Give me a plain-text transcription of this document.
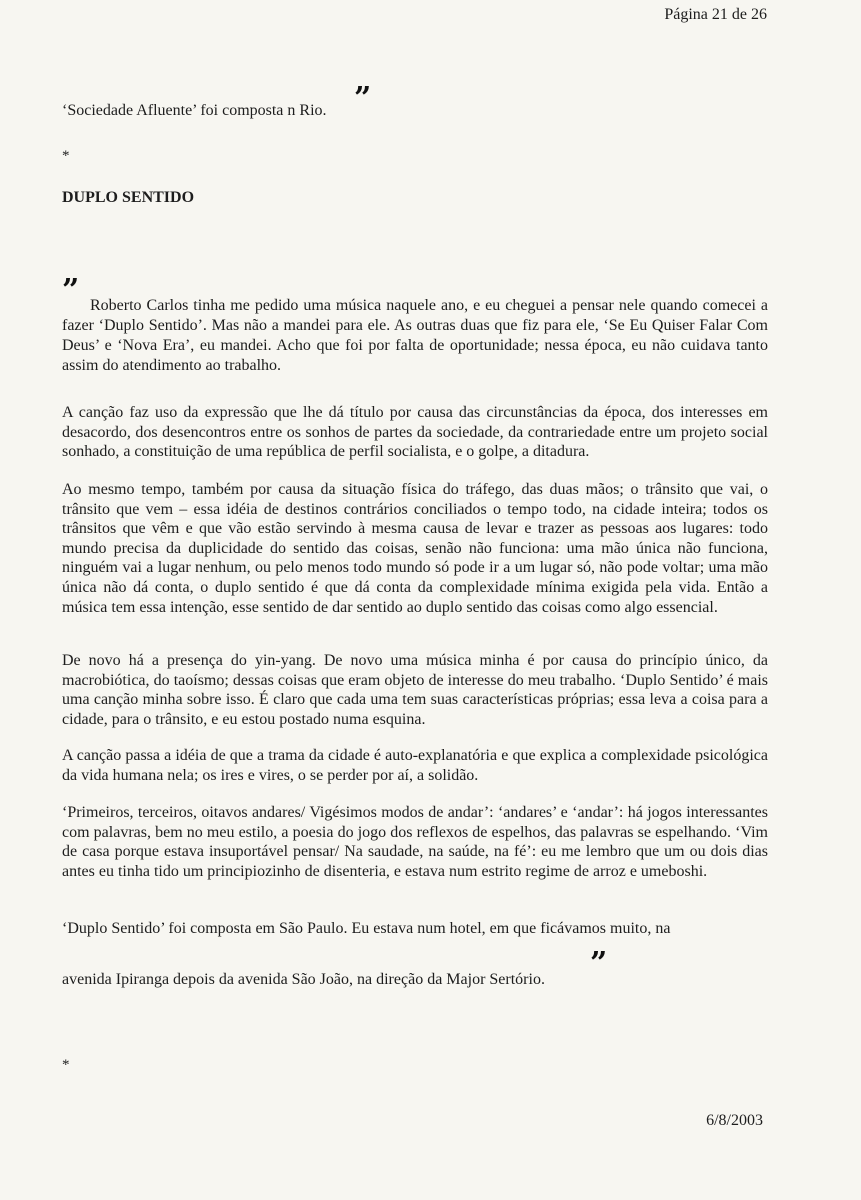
Página 21 de 26
”
‘Sociedade Afluente’ foi composta n Rio.
*
DUPLO SENTIDO
” Roberto Carlos tinha me pedido uma música naquele ano, e eu cheguei a pensar nele quando comecei a fazer ‘Duplo Sentido’. Mas não a mandei para ele. As outras duas que fiz para ele, ‘Se Eu Quiser Falar Com Deus’ e ‘Nova Era’, eu mandei. Acho que foi por falta de oportunidade; nessa época, eu não cuidava tanto assim do atendimento ao trabalho.

A canção faz uso da expressão que lhe dá título por causa das circunstâncias da época, dos interesses em desacordo, dos desencontros entre os sonhos de partes da sociedade, da contrariedade entre um projeto social sonhado, a constituição de uma república de perfil socialista, e o golpe, a ditadura.

Ao mesmo tempo, também por causa da situação física do tráfego, das duas mãos; o trânsito que vai, o trânsito que vem – essa idéia de destinos contrários conciliados o tempo todo, na cidade inteira; todos os trânsitos que vêm e que vão estão servindo à mesma causa de levar e trazer as pessoas aos lugares: todo mundo precisa da duplicidade do sentido das coisas, senão não funciona: uma mão única não funciona, ninguém vai a lugar nenhum, ou pelo menos todo mundo só pode ir a um lugar só, não pode voltar; uma mão única não dá conta, o duplo sentido é que dá conta da complexidade mínima exigida pela vida. Então a música tem essa intenção, esse sentido de dar sentido ao duplo sentido das coisas como algo essencial.

De novo há a presença do yin-yang. De novo uma música minha é por causa do princípio único, da macrobiótica, do taoísmo; dessas coisas que eram objeto de interesse do meu trabalho. ‘Duplo Sentido’ é mais uma canção minha sobre isso. É claro que cada uma tem suas características próprias; essa leva a coisa para a cidade, para o trânsito, e eu estou postado numa esquina.

A canção passa a idéia de que a trama da cidade é auto-explanatória e que explica a complexidade psicológica da vida humana nela; os ires e vires, o se perder por aí, a solidão.

‘Primeiros, terceiros, oitavos andares/ Vigésimos modos de andar’: ‘andares’ e ‘andar’: há jogos interessantes com palavras, bem no meu estilo, a poesia do jogo dos reflexos de espelhos, das palavras se espelhando. ‘Vim de casa porque estava insuportável pensar/ Na saudade, na saúde, na fé’: eu me lembro que um ou dois dias antes eu tinha tido um principiozinho de disenteria, e estava num estrito regime de arroz e umeboshi.

‘Duplo Sentido’ foi composta em São Paulo. Eu estava num hotel, em que ficávamos muito, na

”
avenida Ipiranga depois da avenida São João, na direção da Major Sertório.
*
6/8/2003
